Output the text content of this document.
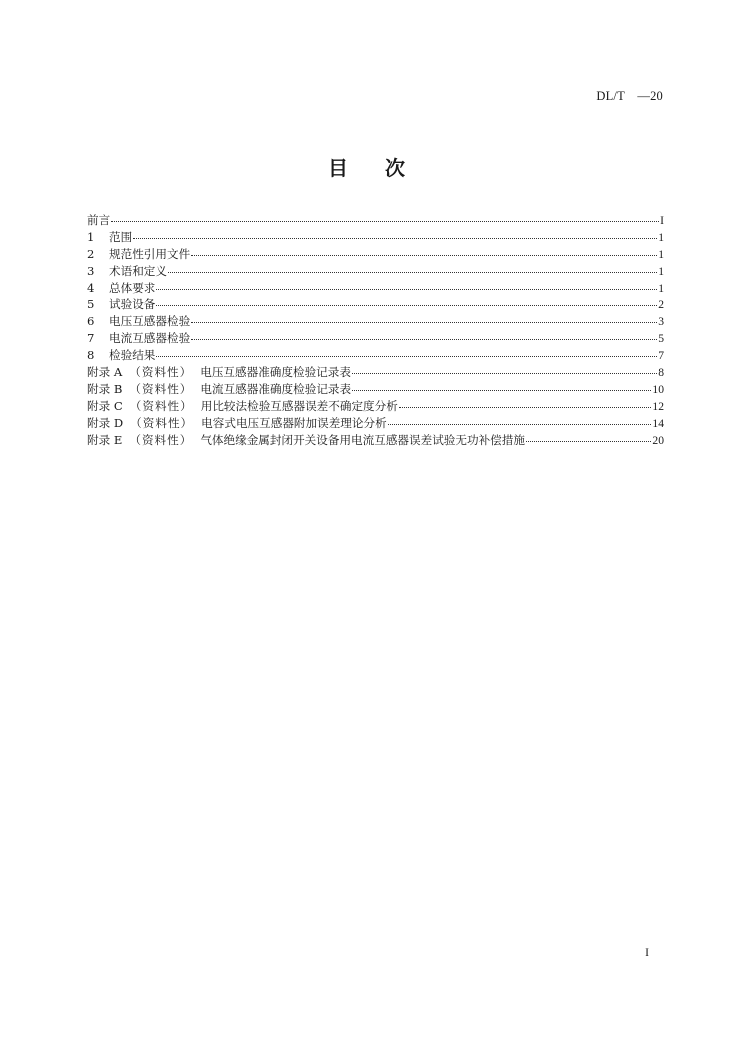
DL/T　—20
目 次
前言	I
1	范围	1
2	规范性引用文件	1
3	术语和定义	1
4	总体要求	1
5	试验设备	2
6	电压互感器检验	3
7	电流互感器检验	5
8	检验结果	7
附录 A （资料性） 电压互感器准确度检验记录表	8
附录 B （资料性） 电流互感器准确度检验记录表	10
附录 C （资料性） 用比较法检验互感器误差不确定度分析	12
附录 D （资料性） 电容式电压互感器附加误差理论分析	14
附录 E （资料性） 气体绝缘金属封闭开关设备用电流互感器误差试验无功补偿措施	20
I
